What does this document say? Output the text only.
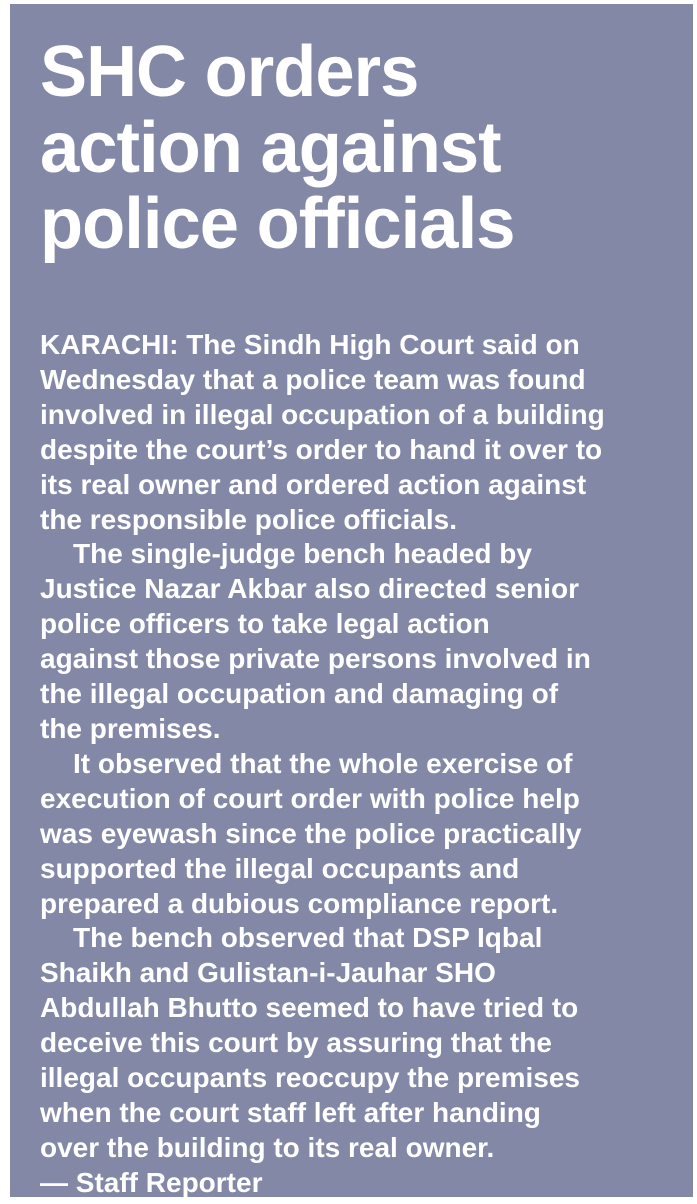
SHC orders
action against
police officials

KARACHI: The Sindh High Court said on
Wednesday that a police team was found
involved in illegal occupation of a building
despite the court’s order to hand it over to
its real owner and ordered action against
the responsible police officials.

The single-judge bench headed by
Justice Nazar Akbar also directed senior
police officers to take legal action
against those private persons involved in
the illegal occupation and damaging of
the premises.

It observed that the whole exercise of
execution of court order with police help
was eyewash since the police practically
supported the illegal occupants and
prepared a dubious compliance report.

The bench observed that DSP Iqbal
Shaikh and Gulistan-i-Jauhar SHO
Abdullah Bhutto seemed to have tried to
deceive this court by assuring that the
illegal occupants reoccupy the premises
when the court staff left after handing
over the building to its real owner.

— Staff Reporter
